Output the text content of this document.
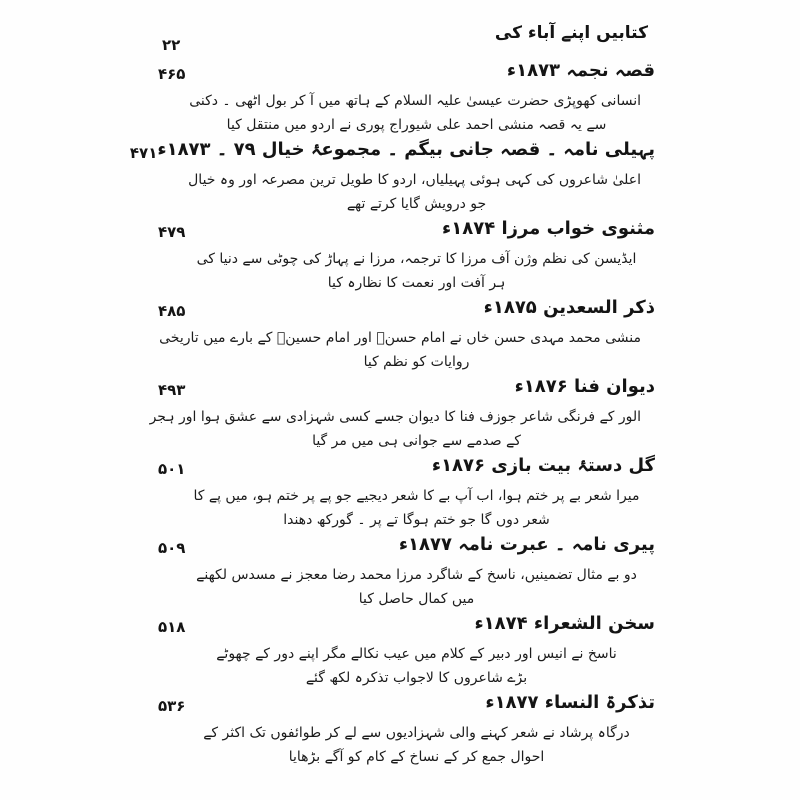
کتابیں اپنے آباء کی
۲۲
قصہ نجمہ ۱۸۷۳ء
۴۶۵
انسانی کھوپڑی حضرت عیسیٰ علیہ السلام کے ہاتھ میں آ کر بول اٹھی ۔ دکنی
سے یہ قصہ منشی احمد علی شیوراج پوری نے اردو میں منتقل کیا
پہیلی نامہ ۔ قصہ جانی بیگم ۔ مجموعۂ خیال ۷۹ ۔ ۱۸۷۳ء
۴۷۱
اعلیٰ شاعروں کی کہی ہوئی پہیلیاں، اردو کا طویل ترین مصرعہ اور وہ خیال
جو درویش گایا کرتے تھے
مثنوی خواب مرزا ۱۸۷۴ء
۴۷۹
ایڈیسن کی نظم وژن آف مرزا کا ترجمہ، مرزا نے پہاڑ کی چوٹی سے دنیا کی
ہر آفت اور نعمت کا نظارہ کیا
ذکر السعدین ۱۸۷۵ء
۴۸۵
منشی محمد مہدی حسن خاں نے امام حسنؑ اور امام حسینؑ کے بارے میں تاریخی
روایات کو نظم کیا
دیوان فنا ۱۸۷۶ء
۴۹۳
الور کے فرنگی شاعر جوزف فنا کا دیوان جسے کسی شہزادی سے عشق ہوا اور ہجر
کے صدمے سے جوانی ہی میں مر گیا
گل دستۂ بیت بازی ۱۸۷۶ء
۵۰۱
میرا شعر بے پر ختم ہوا، اب آپ بے کا شعر دیجیے جو پے پر ختم ہو، میں پے کا
شعر دوں گا جو ختم ہوگا تے پر ۔ گورکھ دھندا
پیری نامہ ۔ عبرت نامہ ۱۸۷۷ء
۵۰۹
دو بے مثال تضمینیں، ناسخ کے شاگرد مرزا محمد رضا معجز نے مسدس لکھنے
میں کمال حاصل کیا
سخن الشعراء ۱۸۷۴ء
۵۱۸
ناسخ نے انیس اور دبیر کے کلام میں عیب نکالے مگر اپنے دور کے چھوٹے
بڑے شاعروں کا لاجواب تذکرہ لکھ گئے
تذکرۃ النساء ۱۸۷۷ء
۵۳۶
درگاہ پرشاد نے شعر کہنے والی شہزادیوں سے لے کر طوائفوں تک اکثر کے
احوال جمع کر کے نساخ کے کام کو آگے بڑھایا
